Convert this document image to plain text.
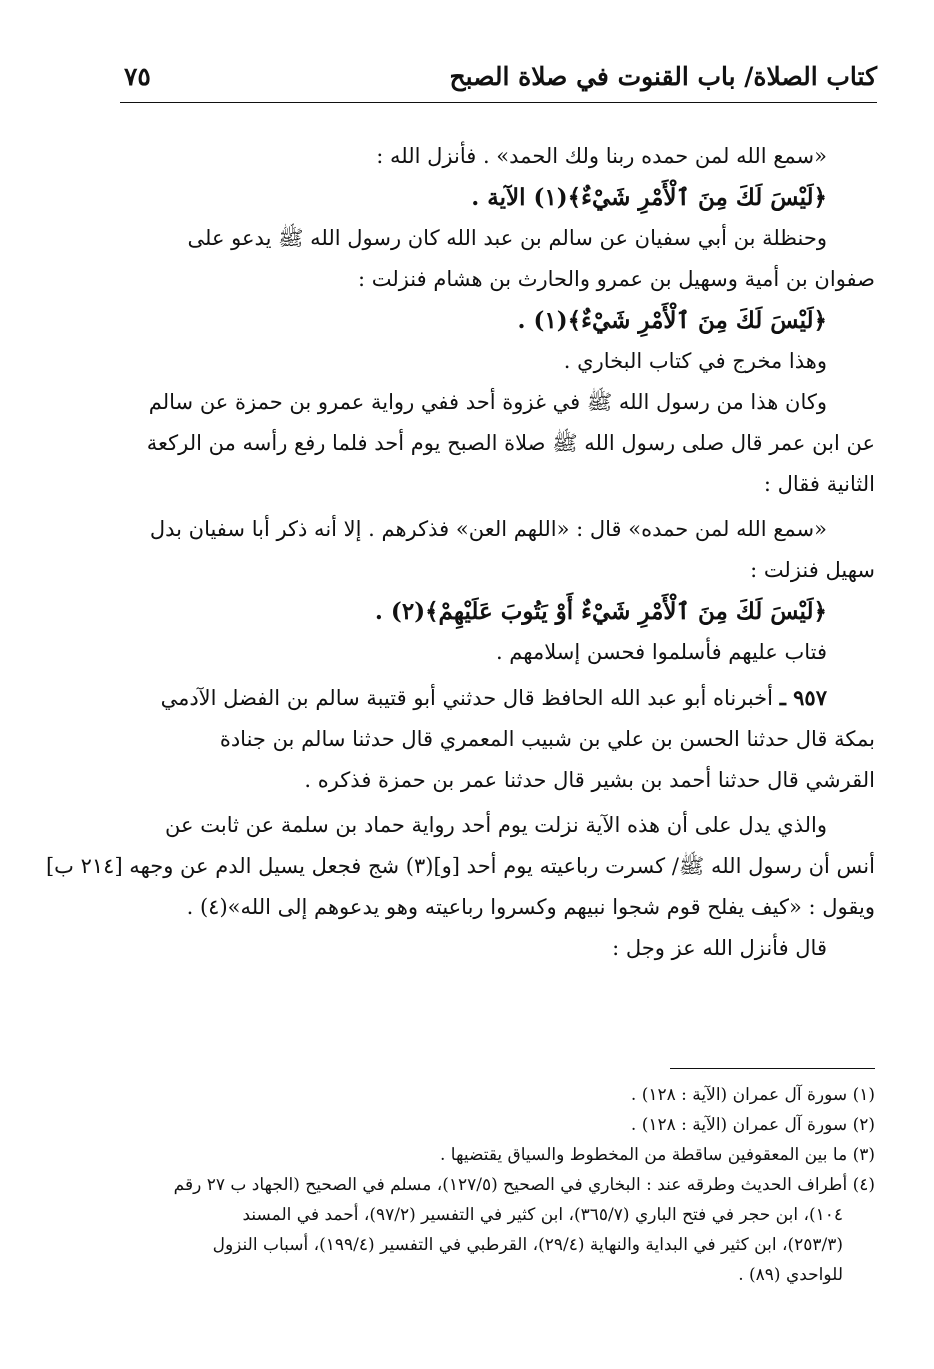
كتاب الصلاة/ باب القنوت في صلاة الصبح
٧٥
«سمع الله لمن حمده ربنا ولك الحمد» . فأنزل الله :
﴿لَيْسَ لَكَ مِنَ ٱلْأَمْرِ شَيْءٌ﴾(١) الآية .
وحنظلة بن أبي سفيان عن سالم بن عبد الله كان رسول الله ﷺ يدعو على
صفوان بن أمية وسهيل بن عمرو والحارث بن هشام فنزلت :
﴿لَيْسَ لَكَ مِنَ ٱلْأَمْرِ شَيْءٌ﴾(١) .
وهذا مخرج في كتاب البخاري .
وكان هذا من رسول الله ﷺ في غزوة أحد ففي رواية عمرو بن حمزة عن سالم
عن ابن عمر قال صلى رسول الله ﷺ صلاة الصبح يوم أحد فلما رفع رأسه من الركعة
الثانية فقال :
«سمع الله لمن حمده» قال : «اللهم العن» فذكرهم . إلا أنه ذكر أبا سفيان بدل
سهيل فنزلت :
﴿لَيْسَ لَكَ مِنَ ٱلْأَمْرِ شَيْءٌ أَوْ يَتُوبَ عَلَيْهِمْ﴾(٢) .
فتاب عليهم فأسلموا فحسن إسلامهم .
٩٥٧ ـ أخبرناه أبو عبد الله الحافظ قال حدثني أبو قتيبة سالم بن الفضل الآدمي
بمكة قال حدثنا الحسن بن علي بن شبيب المعمري قال حدثنا سالم بن جنادة
القرشي قال حدثنا أحمد بن بشير قال حدثنا عمر بن حمزة فذكره .
والذي يدل على أن هذه الآية نزلت يوم أحد رواية حماد بن سلمة عن ثابت عن
أنس أن رسول الله ﷺ/ كسرت رباعيته يوم أحد [و](٣) شج فجعل يسيل الدم عن وجهه [٢١٤ ب]
ويقول : «كيف يفلح قوم شجوا نبيهم وكسروا رباعيته وهو يدعوهم إلى الله»(٤) .
قال فأنزل الله عز وجل :
(١) سورة آل عمران (الآية : ١٢٨) .
(٢) سورة آل عمران (الآية : ١٢٨) .
(٣) ما بين المعقوفين ساقطة من المخطوط والسياق يقتضيها .
(٤) أطراف الحديث وطرقه عند : البخاري في الصحيح (١٢٧/٥)، مسلم في الصحيح (الجهاد ب ٢٧ رقم
١٠٤)، ابن حجر في فتح الباري (٣٦٥/٧)، ابن كثير في التفسير (٩٧/٢)، أحمد في المسند
(٢٥٣/٣)، ابن كثير في البداية والنهاية (٢٩/٤)، القرطبي في التفسير (١٩٩/٤)، أسباب النزول
للواحدي (٨٩) .
